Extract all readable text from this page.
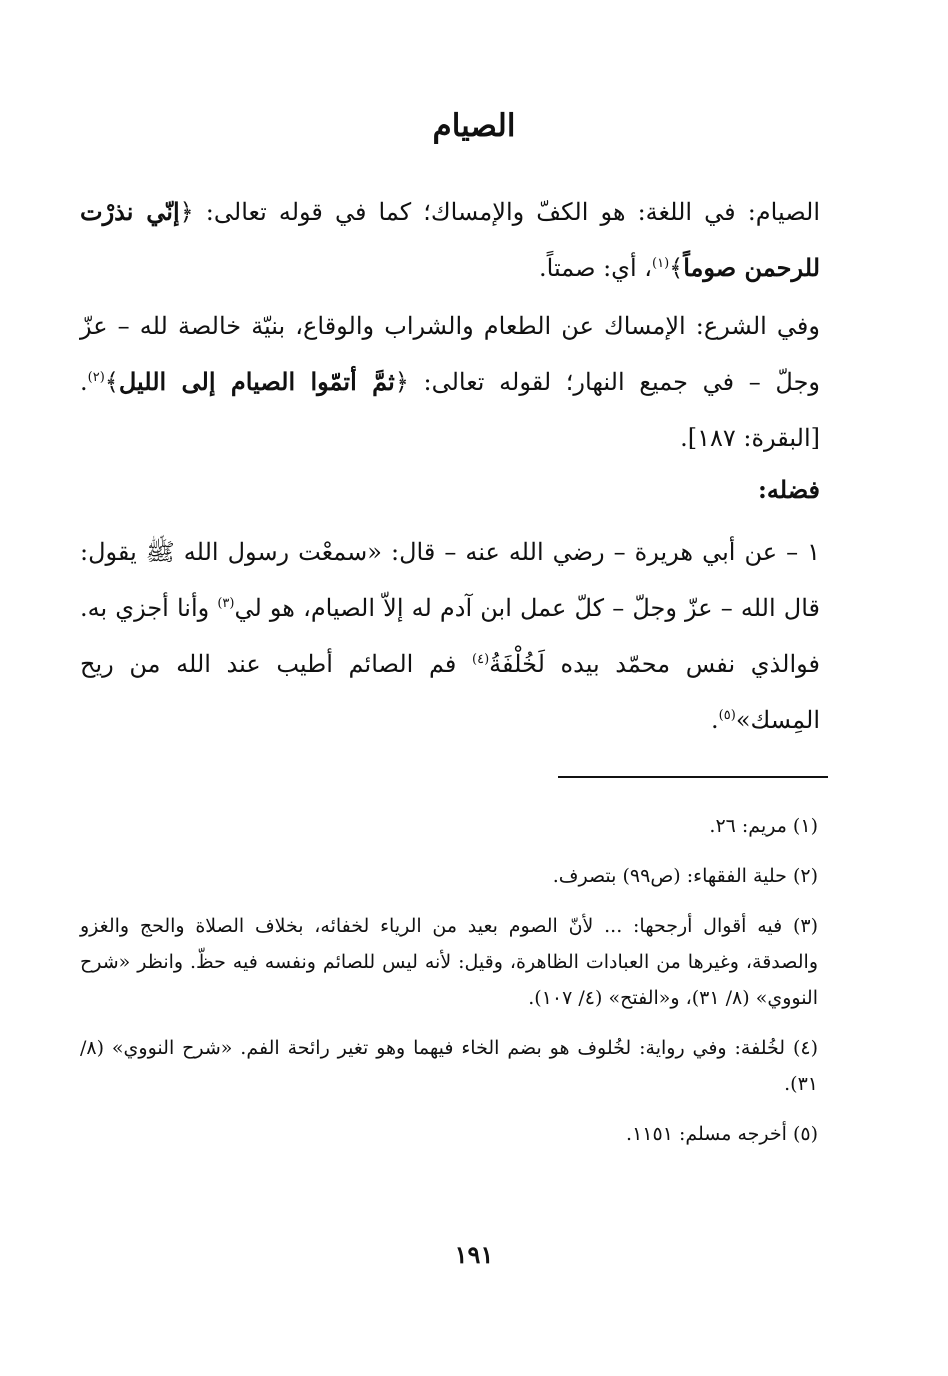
الصيام

الصيام: في اللغة: هو الكفّ والإمساك؛ كما في قوله تعالى: ﴿إنّي نذرْت للرحمن صوماً﴾$^{(١)}$، أي: صمتاً.

وفي الشرع: الإمساك عن الطعام والشراب والوقاع، بنيّة خالصة لله – عزّ وجلّ – في جميع النهار؛ لقوله تعالى: ﴿ثمَّ أتمّوا الصيام إلى الليل﴾$^{(٢)}$. [البقرة: ١٨٧].

فضله:

١ – عن أبي هريرة – رضي الله عنه – قال: «سمعْت رسول الله ﷺ يقول: قال الله – عزّ وجلّ – كلّ عمل ابن آدم له إلاّ الصيام، هو لي$^{(٣)}$ وأنا أجزي به. فوالذي نفس محمّد بيده لَخُلْفَةُ$^{(٤)}$ فم الصائم أطيب عند الله من ريح المِسك»$^{(٥)}$.

(١) مريم: ٢٦.

(٢) حلية الفقهاء: (ص٩٩) بتصرف.

(٣) فيه أقوال أرجحها: ... لأنّ الصوم بعيد من الرياء لخفائه، بخلاف الصلاة والحج والغزو والصدقة، وغيرها من العبادات الظاهرة، وقيل: لأنه ليس للصائم ونفسه فيه حظّ. وانظر «شرح النووي» (٨/ ٣١)، و«الفتح» (٤/ ١٠٧).

(٤) لخُلفة: وفي رواية: لخُلوف هو بضم الخاء فيهما وهو تغير رائحة الفم. «شرح النووي» (٨/ ٣١).

(٥) أخرجه مسلم: ١١٥١.

١٩١
